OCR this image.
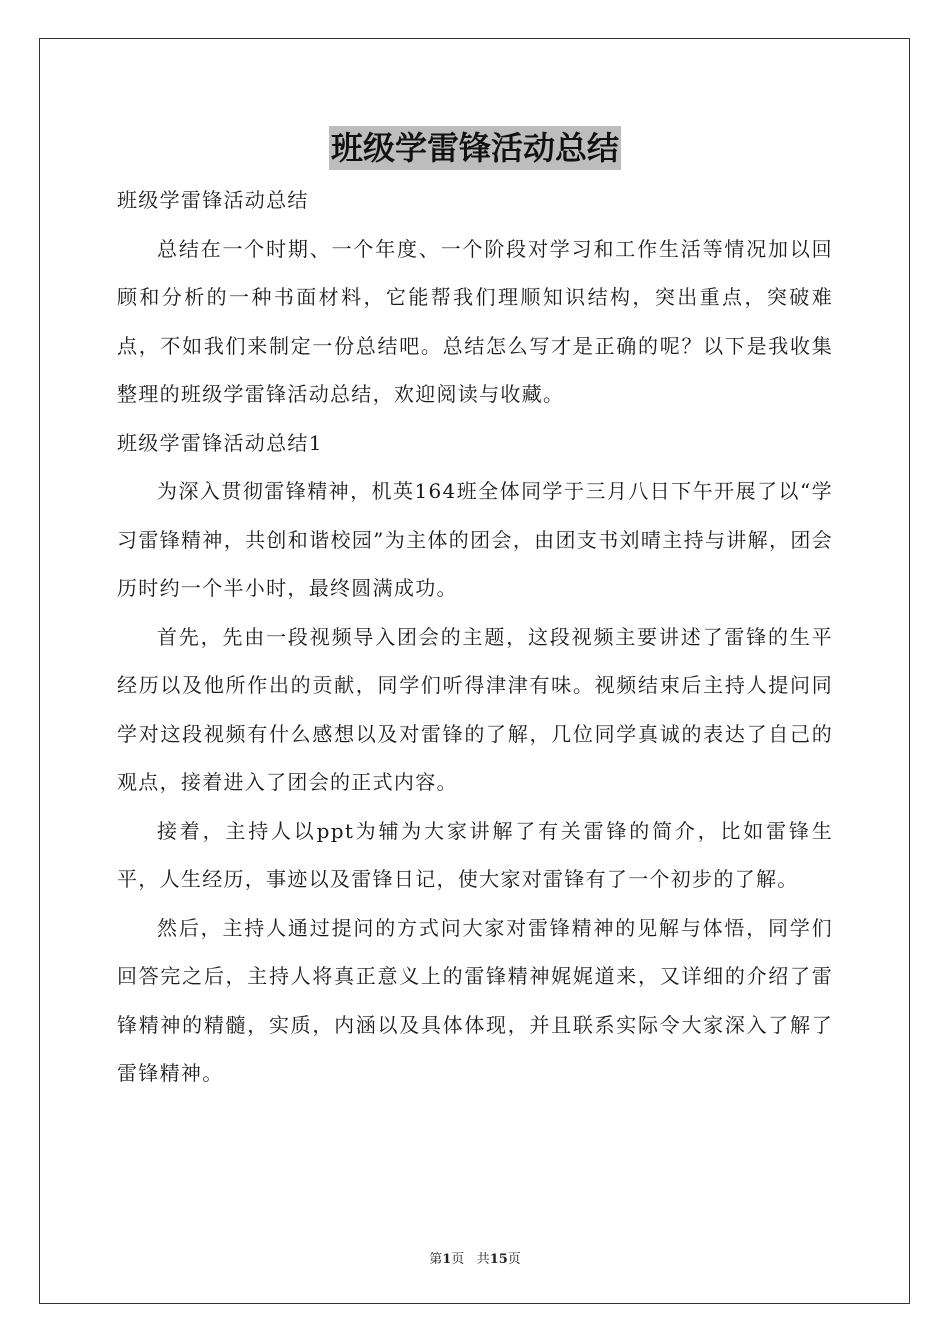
班级学雷锋活动总结

班级学雷锋活动总结

总结在一个时期、一个年度、一个阶段对学习和工作生活等情况加以回顾和分析的一种书面材料，它能帮我们理顺知识结构，突出重点，突破难点，不如我们来制定一份总结吧。总结怎么写才是正确的呢？以下是我收集整理的班级学雷锋活动总结，欢迎阅读与收藏。

班级学雷锋活动总结1

为深入贯彻雷锋精神，机英164班全体同学于三月八日下午开展了以“学习雷锋精神，共创和谐校园”为主体的团会，由团支书刘晴主持与讲解，团会历时约一个半小时，最终圆满成功。

首先，先由一段视频导入团会的主题，这段视频主要讲述了雷锋的生平经历以及他所作出的贡献，同学们听得津津有味。视频结束后主持人提问同学对这段视频有什么感想以及对雷锋的了解，几位同学真诚的表达了自己的观点，接着进入了团会的正式内容。

接着，主持人以ppt为辅为大家讲解了有关雷锋的简介，比如雷锋生平，人生经历，事迹以及雷锋日记，使大家对雷锋有了一个初步的了解。

然后，主持人通过提问的方式问大家对雷锋精神的见解与体悟，同学们回答完之后，主持人将真正意义上的雷锋精神娓娓道来，又详细的介绍了雷锋精神的精髓，实质，内涵以及具体体现，并且联系实际令大家深入了解了雷锋精神。

第1页 共15页
